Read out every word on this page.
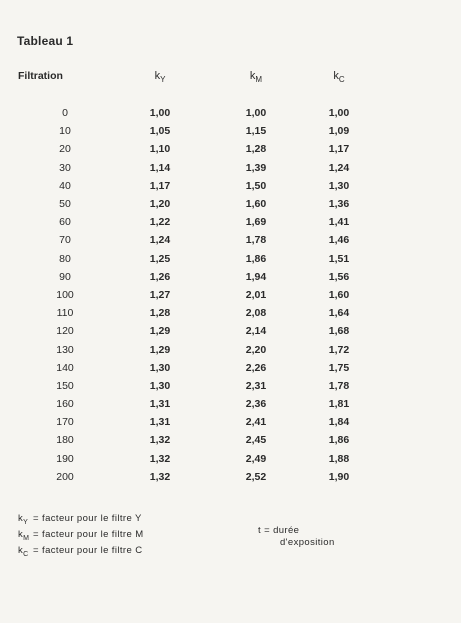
Tableau 1
Filtration	$k_Y$	$k_M$	$k_C$
0	1,00	1,00	1,00
10	1,05	1,15	1,09
20	1,10	1,28	1,17
30	1,14	1,39	1,24
40	1,17	1,50	1,30
50	1,20	1,60	1,36
60	1,22	1,69	1,41
70	1,24	1,78	1,46
80	1,25	1,86	1,51
90	1,26	1,94	1,56
100	1,27	2,01	1,60
110	1,28	2,08	1,64
120	1,29	2,14	1,68
130	1,29	2,20	1,72
140	1,30	2,26	1,75
150	1,30	2,31	1,78
160	1,31	2,36	1,81
170	1,31	2,41	1,84
180	1,32	2,45	1,86
190	1,32	2,49	1,88
200	1,32	2,52	1,90
$k_Y$ = facteur pour le filtre Y
$k_M$ = facteur pour le filtre M
$k_C$ = facteur pour le filtre C
t = durée
d'exposition
